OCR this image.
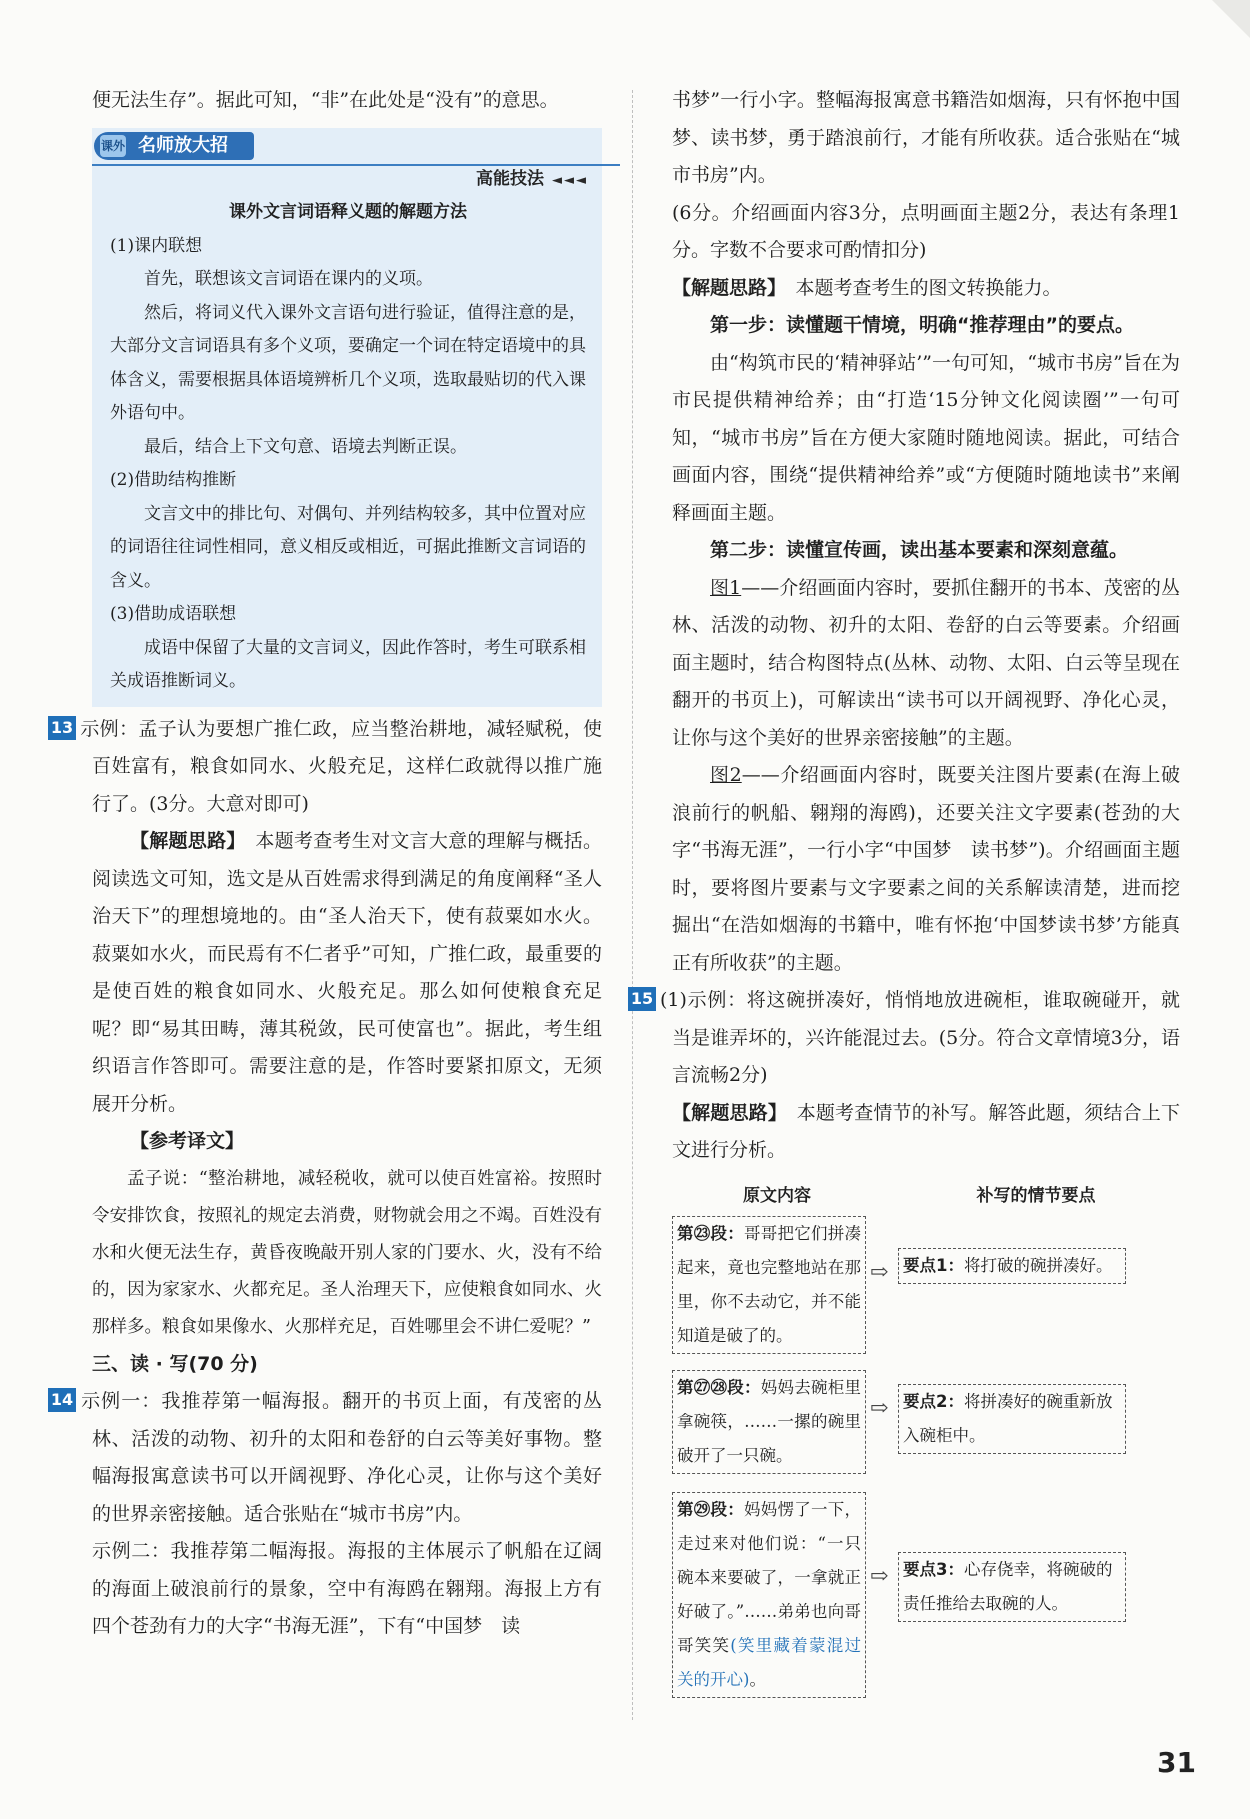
便无法生存”。据此可知，“非”在此处是“没有”的意思。

课外 名师放大招
高能技法 ◄◄◄
课外文言词语释义题的解题方法

(1)课内联想

首先，联想该文言词语在课内的义项。

然后，将词义代入课外文言语句进行验证，值得注意的是，大部分文言词语具有多个义项，要确定一个词在特定语境中的具体含义，需要根据具体语境辨析几个义项，选取最贴切的代入课外语句中。

最后，结合上下文句意、语境去判断正误。

(2)借助结构推断

文言文中的排比句、对偶句、并列结构较多，其中位置对应的词语往往词性相同，意义相反或相近，可据此推断文言词语的含义。

(3)借助成语联想

成语中保留了大量的文言词义，因此作答时，考生可联系相关成语推断词义。

13 示例：孟子认为要想广推仁政，应当整治耕地，减轻赋税，使百姓富有，粮食如同水、火般充足，这样仁政就得以推广施行了。(3分。大意对即可)

【解题思路】　 本题考查考生对文言大意的理解与概括。阅读选文可知，选文是从百姓需求得到满足的角度阐释“圣人治天下”的理想境地的。由“圣人治天下，使有菽粟如水火。菽粟如水火，而民焉有不仁者乎”可知，广推仁政，最重要的是使百姓的粮食如同水、火般充足。那么如何使粮食充足呢？即“易其田畴，薄其税敛，民可使富也”。据此，考生组织语言作答即可。需要注意的是，作答时要紧扣原文，无须展开分析。

【参考译文】

孟子说：“整治耕地，减轻税收，就可以使百姓富裕。按照时令安排饮食，按照礼的规定去消费，财物就会用之不竭。百姓没有水和火便无法生存，黄昏夜晚敲开别人家的门要水、火，没有不给的，因为家家水、火都充足。圣人治理天下，应使粮食如同水、火那样多。粮食如果像水、火那样充足，百姓哪里会不讲仁爱呢？”

三、读 · 写(70 分)

14 示例一：我推荐第一幅海报。翻开的书页上面，有茂密的丛林、活泼的动物、初升的太阳和卷舒的白云等美好事物。整幅海报寓意读书可以开阔视野、净化心灵，让你与这个美好的世界亲密接触。适合张贴在“城市书房”内。

示例二：我推荐第二幅海报。海报的主体展示了帆船在辽阔的海面上破浪前行的景象，空中有海鸥在翱翔。海报上方有四个苍劲有力的大字“书海无涯”，下有“中国梦　读

书梦”一行小字。整幅海报寓意书籍浩如烟海，只有怀抱中国梦、读书梦，勇于踏浪前行，才能有所收获。适合张贴在“城市书房”内。

(6分。介绍画面内容3分，点明画面主题2分，表达有条理1分。字数不合要求可酌情扣分)

【解题思路】　 本题考查考生的图文转换能力。

第一步：读懂题干情境，明确“推荐理由”的要点。

由“构筑市民的‘精神驿站’”一句可知，“城市书房”旨在为市民提供精神给养；由“打造‘15分钟文化阅读圈’”一句可知，“城市书房”旨在方便大家随时随地阅读。据此，可结合画面内容，围绕“提供精神给养”或“方便随时随地读书”来阐释画面主题。

第二步：读懂宣传画，读出基本要素和深刻意蕴。

图1——介绍画面内容时，要抓住翻开的书本、茂密的丛林、活泼的动物、初升的太阳、卷舒的白云等要素。介绍画面主题时，结合构图特点(丛林、动物、太阳、白云等呈现在翻开的书页上)，可解读出“读书可以开阔视野、净化心灵，让你与这个美好的世界亲密接触”的主题。

图2——介绍画面内容时，既要关注图片要素(在海上破浪前行的帆船、翱翔的海鸥)，还要关注文字要素(苍劲的大字“书海无涯”，一行小字“中国梦　读书梦”)。介绍画面主题时，要将图片要素与文字要素之间的关系解读清楚，进而挖掘出“在浩如烟海的书籍中，唯有怀抱‘中国梦读书梦’方能真正有所收获”的主题。

15 (1)示例：将这碗拼凑好，悄悄地放进碗柜，谁取碗碰开，就当是谁弄坏的，兴许能混过去。(5分。符合文章情境3分，语言流畅2分)

【解题思路】　 本题考查情节的补写。解答此题，须结合上下文进行分析。

原文内容	补写的情节要点
第㉓段：哥哥把它们拼凑起来，竟也完整地站在那里，你不去动它，并不能知道是破了的。
⇨ 要点1：将打破的碗拼凑好。
第㉗㉘段：妈妈去碗柜里拿碗筷，……一摞的碗里破开了一只碗。
⇨ 要点2：将拼凑好的碗重新放入碗柜中。
第㉙段：妈妈愣了一下，走过来对他们说：“一只碗本来要破了，一拿就正好破了。”……弟弟也向哥哥笑笑(笑里藏着蒙混过关的开心)。
⇨ 要点3：心存侥幸，将碗破的责任推给去取碗的人。
31
